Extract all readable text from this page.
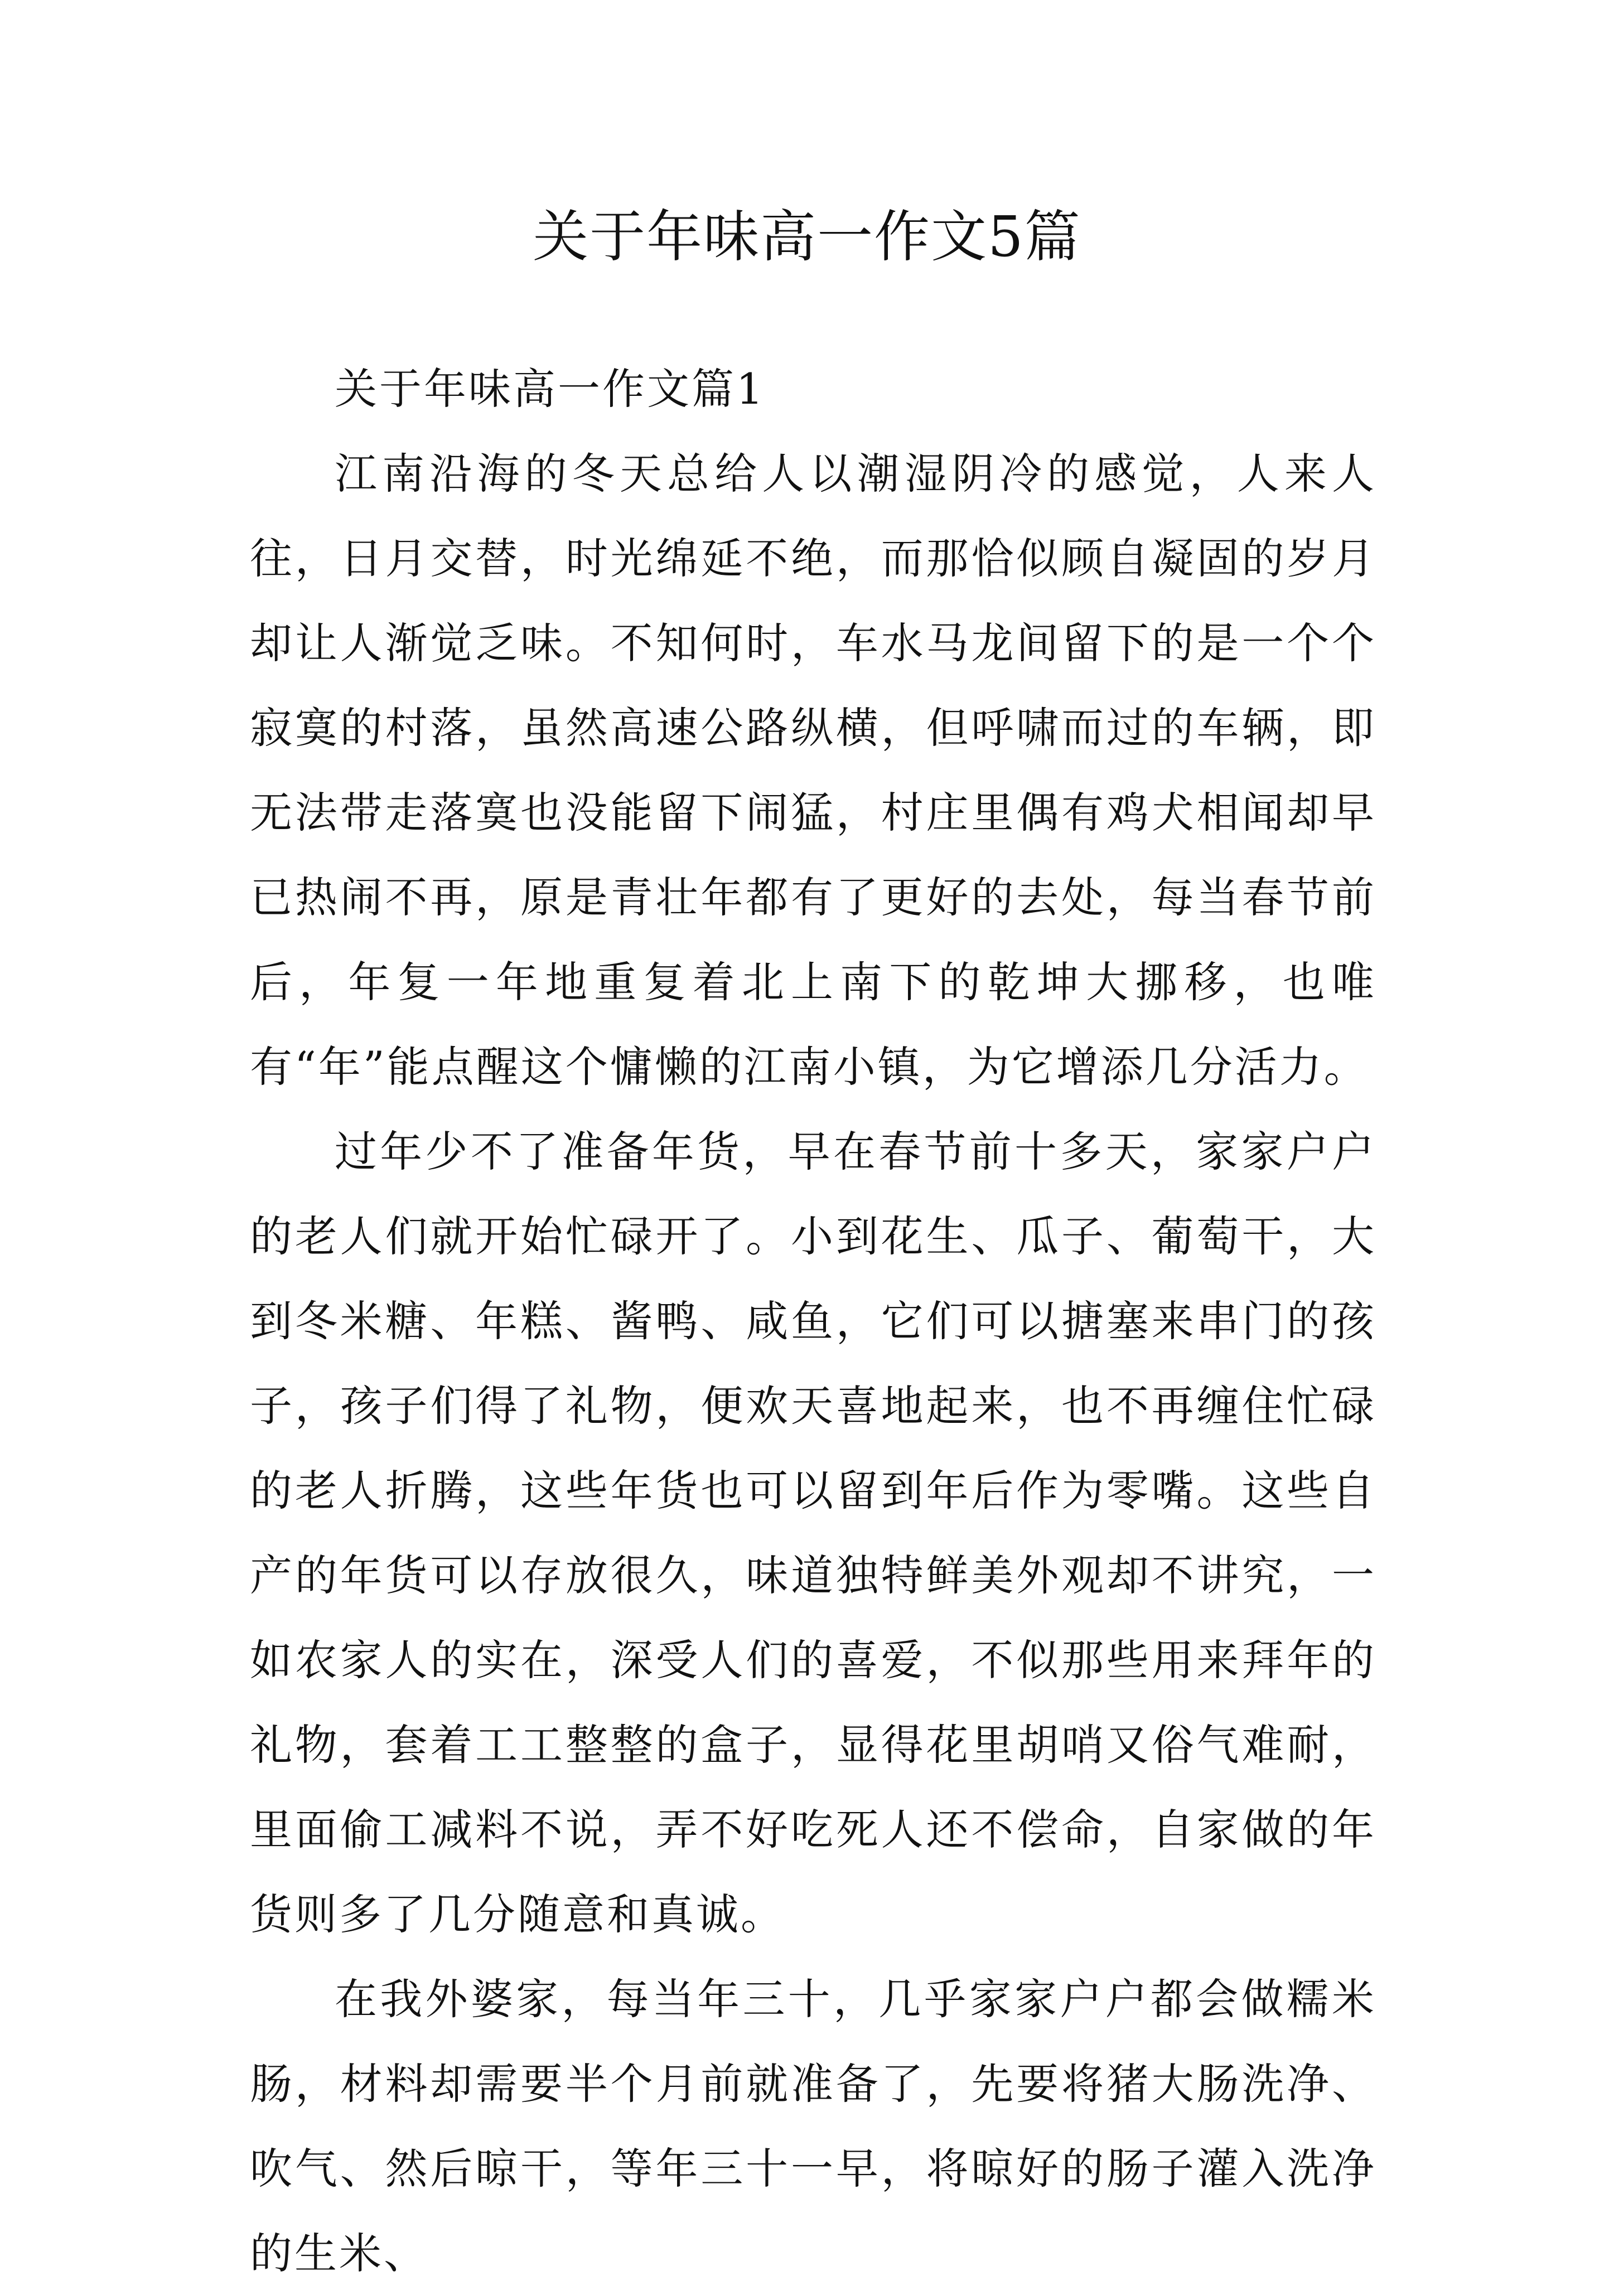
关于年味高一作文5篇

关于年味高一作文篇1

江南沿海的冬天总给人以潮湿阴冷的感觉，人来人往，日月交替，时光绵延不绝，而那恰似顾自凝固的岁月却让人渐觉乏味。不知何时，车水马龙间留下的是一个个寂寞的村落，虽然高速公路纵横，但呼啸而过的车辆，即无法带走落寞也没能留下闹猛，村庄里偶有鸡犬相闻却早已热闹不再，原是青壮年都有了更好的去处，每当春节前后，年复一年地重复着北上南下的乾坤大挪移，也唯有“年”能点醒这个慵懒的江南小镇，为它增添几分活力。

过年少不了准备年货，早在春节前十多天，家家户户的老人们就开始忙碌开了。小到花生、瓜子、葡萄干，大到冬米糖、年糕、酱鸭、咸鱼，它们可以搪塞来串门的孩子，孩子们得了礼物，便欢天喜地起来，也不再缠住忙碌的老人折腾，这些年货也可以留到年后作为零嘴。这些自产的年货可以存放很久，味道独特鲜美外观却不讲究，一如农家人的实在，深受人们的喜爱，不似那些用来拜年的礼物，套着工工整整的盒子，显得花里胡哨又俗气难耐，里面偷工减料不说，弄不好吃死人还不偿命，自家做的年货则多了几分随意和真诚。

在我外婆家，每当年三十，几乎家家户户都会做糯米肠，材料却需要半个月前就准备了，先要将猪大肠洗净、吹气、然后晾干，等年三十一早，将晾好的肠子灌入洗净的生米、
